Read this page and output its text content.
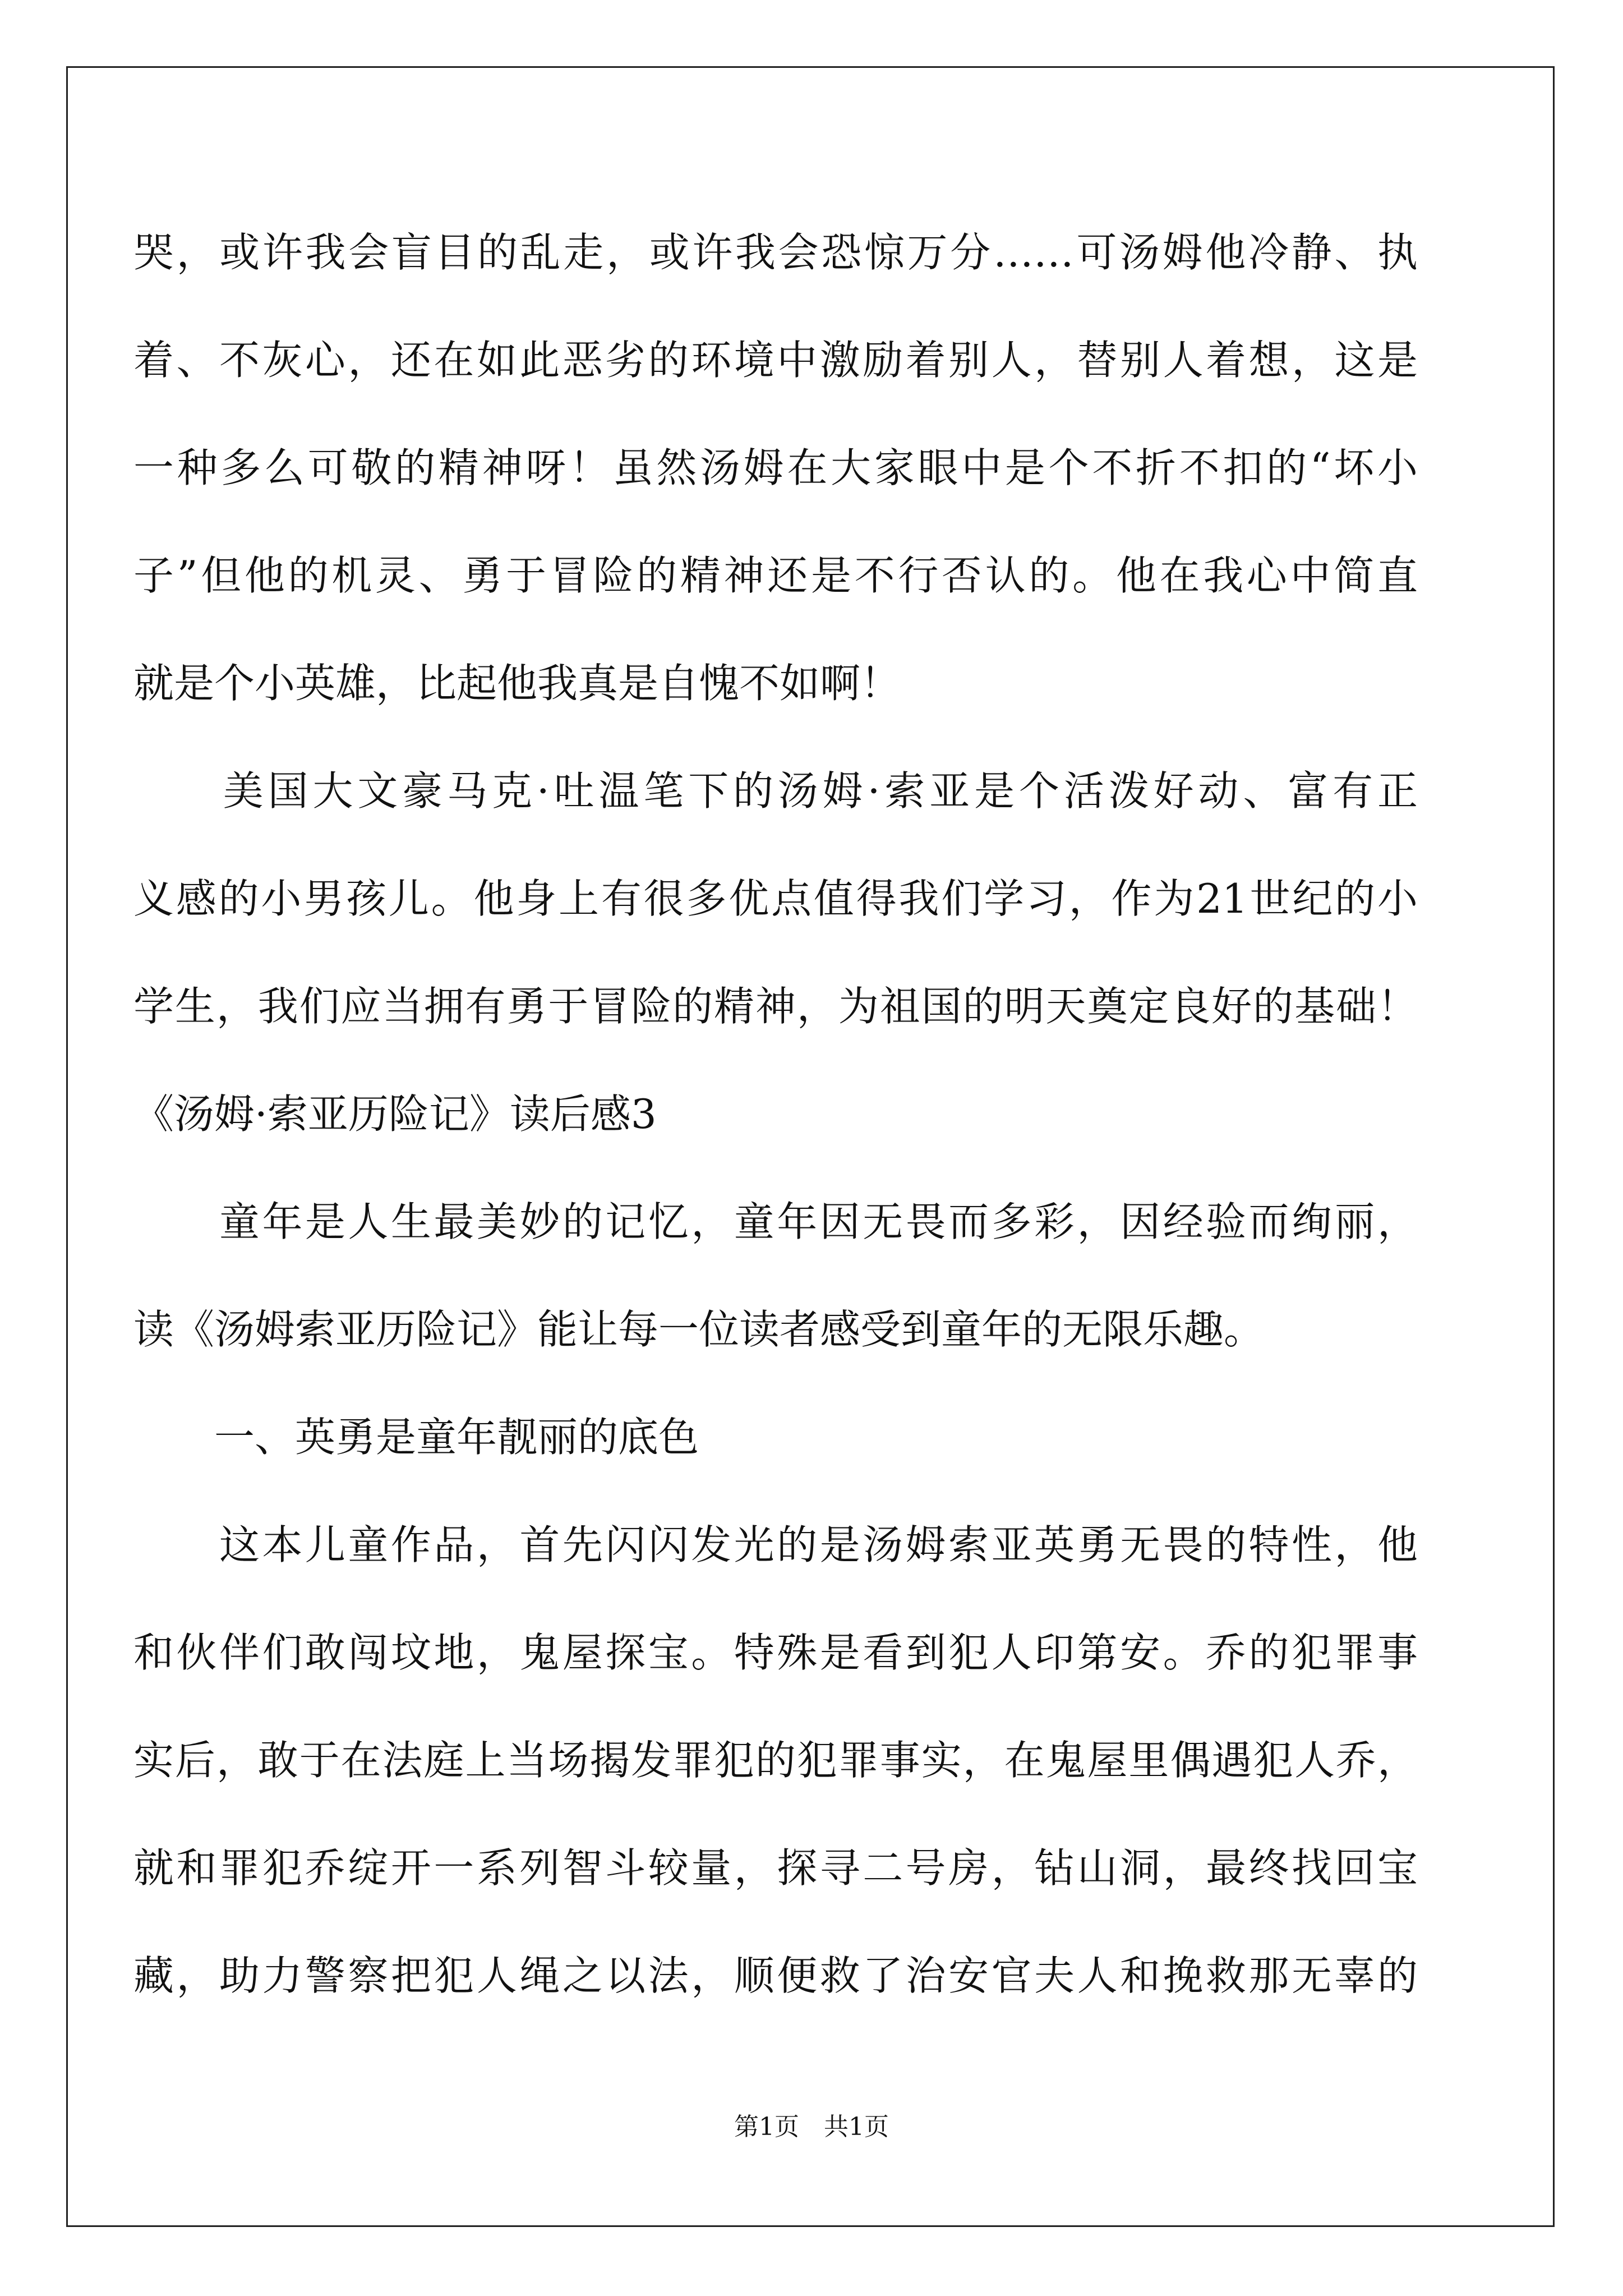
哭，或许我会盲目的乱走，或许我会恐惊万分……可汤姆他冷静、执
着、不灰心，还在如此恶劣的环境中激励着别人，替别人着想，这是
一种多么可敬的精神呀！虽然汤姆在大家眼中是个不折不扣的“坏小
子”但他的机灵、勇于冒险的精神还是不行否认的。他在我心中简直
就是个小英雄，比起他我真是自愧不如啊！
　　美国大文豪马克·吐温笔下的汤姆·索亚是个活泼好动、富有正
义感的小男孩儿。他身上有很多优点值得我们学习，作为21世纪的小
学生，我们应当拥有勇于冒险的精神，为祖国的明天奠定良好的基础！
《汤姆·索亚历险记》读后感3
　　童年是人生最美妙的记忆，童年因无畏而多彩，因经验而绚丽，
读《汤姆索亚历险记》能让每一位读者感受到童年的无限乐趣。
　　一、英勇是童年靓丽的底色
　　这本儿童作品，首先闪闪发光的是汤姆索亚英勇无畏的特性，他
和伙伴们敢闯坟地，鬼屋探宝。特殊是看到犯人印第安。乔的犯罪事
实后，敢于在法庭上当场揭发罪犯的犯罪事实，在鬼屋里偶遇犯人乔，
就和罪犯乔绽开一系列智斗较量，探寻二号房，钻山洞，最终找回宝
藏，助力警察把犯人绳之以法，顺便救了治安官夫人和挽救那无辜的
第1页　共1页
